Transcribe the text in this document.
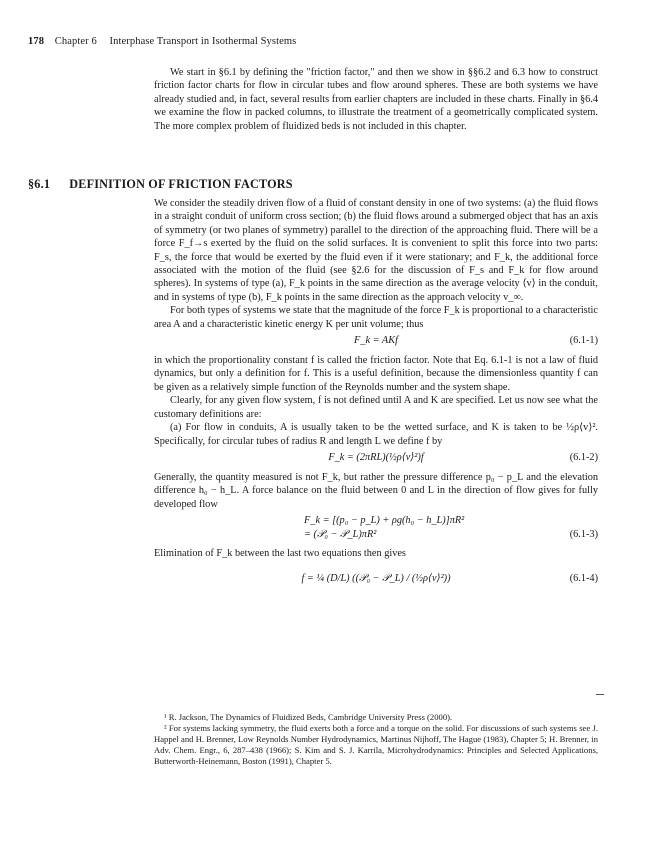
178 Chapter 6 Interphase Transport in Isothermal Systems

We start in §6.1 by defining the "friction factor," and then we show in §§6.2 and 6.3 how to construct friction factor charts for flow in circular tubes and flow around spheres. These are both systems we have already studied and, in fact, several results from earlier chapters are included in these charts. Finally in §6.4 we examine the flow in packed columns, to illustrate the treatment of a geometrically complicated system. The more complex problem of fluidized beds is not included in this chapter.

§6.1 DEFINITION OF FRICTION FACTORS

We consider the steadily driven flow of a fluid of constant density in one of two systems: (a) the fluid flows in a straight conduit of uniform cross section; (b) the fluid flows around a submerged object that has an axis of symmetry (or two planes of symmetry) parallel to the direction of the approaching fluid. There will be a force F_f→s exerted by the fluid on the solid surfaces. It is convenient to split this force into two parts: F_s, the force that would be exerted by the fluid even if it were stationary; and F_k, the additional force associated with the motion of the fluid (see §2.6 for the discussion of F_s and F_k for flow around spheres). In systems of type (a), F_k points in the same direction as the average velocity ⟨v⟩ in the conduit, and in systems of type (b), F_k points in the same direction as the approach velocity v_∞.

For both types of systems we state that the magnitude of the force F_k is proportional to a characteristic area A and a characteristic kinetic energy K per unit volume; thus

F_k = AKf	(6.1-1)

in which the proportionality constant f is called the friction factor. Note that Eq. 6.1-1 is not a law of fluid dynamics, but only a definition for f. This is a useful definition, because the dimensionless quantity f can be given as a relatively simple function of the Reynolds number and the system shape.

Clearly, for any given flow system, f is not defined until A and K are specified. Let us now see what the customary definitions are:

(a) For flow in conduits, A is usually taken to be the wetted surface, and K is taken to be ½ρ⟨v⟩². Specifically, for circular tubes of radius R and length L we define f by

F_k = (2πRL)(½ρ⟨v⟩²)f	(6.1-2)

Generally, the quantity measured is not F_k, but rather the pressure difference p₀ − p_L and the elevation difference h₀ − h_L. A force balance on the fluid between 0 and L in the direction of flow gives for fully developed flow

F_k = [(p₀ − p_L) + ρg(h₀ − h_L)]πR²
= (𝒫₀ − 𝒫_L)πR²	(6.1-3)

Elimination of F_k between the last two equations then gives

f = ¼ (D/L) ((𝒫₀ − 𝒫_L) / (½ρ⟨v⟩²))	(6.1-4)

¹ R. Jackson, The Dynamics of Fluidized Beds, Cambridge University Press (2000).

² For systems lacking symmetry, the fluid exerts both a force and a torque on the solid. For discussions of such systems see J. Happel and H. Brenner, Low Reynolds Number Hydrodynamics, Martinus Nijhoff, The Hague (1983), Chapter 5; H. Brenner, in Adv. Chem. Engr., 6, 287–438 (1966); S. Kim and S. J. Karrila, Microhydrodynamics: Principles and Selected Applications, Butterworth-Heinemann, Boston (1991), Chapter 5.
